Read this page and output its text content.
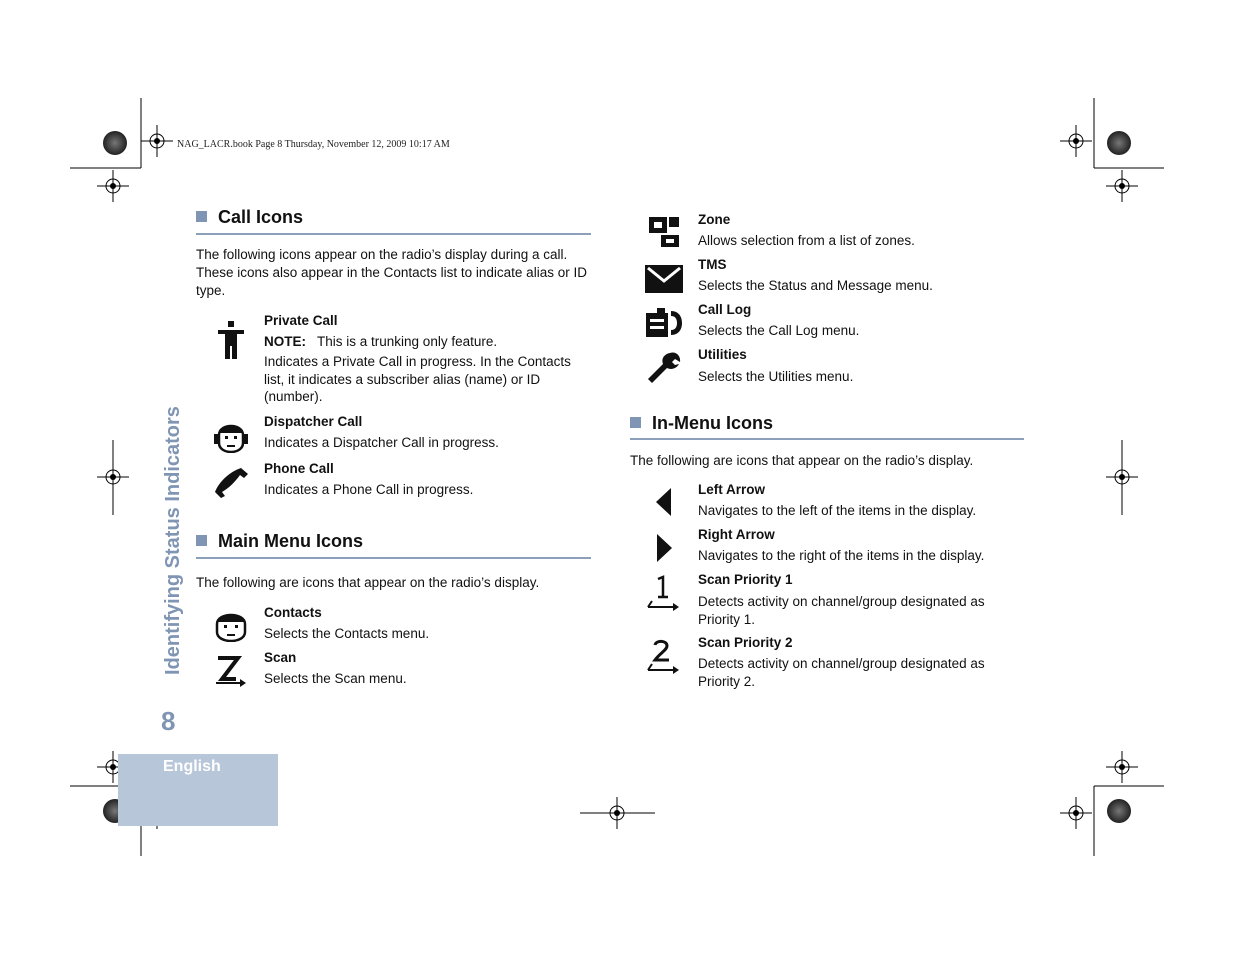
NAG_LACR.book Page 8 Thursday, November 12, 2009 10:17 AM
Identifying Status Indicators
8
English
Call Icons
The following icons appear on the radio’s display during a call. These icons also appear in the Contacts list to indicate alias or ID type.
Private Call
NOTE: This is a trunking only feature.
Indicates a Private Call in progress. In the Contacts list, it indicates a subscriber alias (name) or ID (number).
Dispatcher Call
Indicates a Dispatcher Call in progress.
Phone Call
Indicates a Phone Call in progress.
Main Menu Icons
The following are icons that appear on the radio’s display.
Contacts
Selects the Contacts menu.
Scan
Selects the Scan menu.
Zone
Allows selection from a list of zones.
TMS
Selects the Status and Message menu.
Call Log
Selects the Call Log menu.
Utilities
Selects the Utilities menu.
In-Menu Icons
The following are icons that appear on the radio’s display.
Left Arrow
Navigates to the left of the items in the display.
Right Arrow
Navigates to the right of the items in the display.
Scan Priority 1
Detects activity on channel/group designated as Priority 1.
Scan Priority 2
Detects activity on channel/group designated as Priority 2.
